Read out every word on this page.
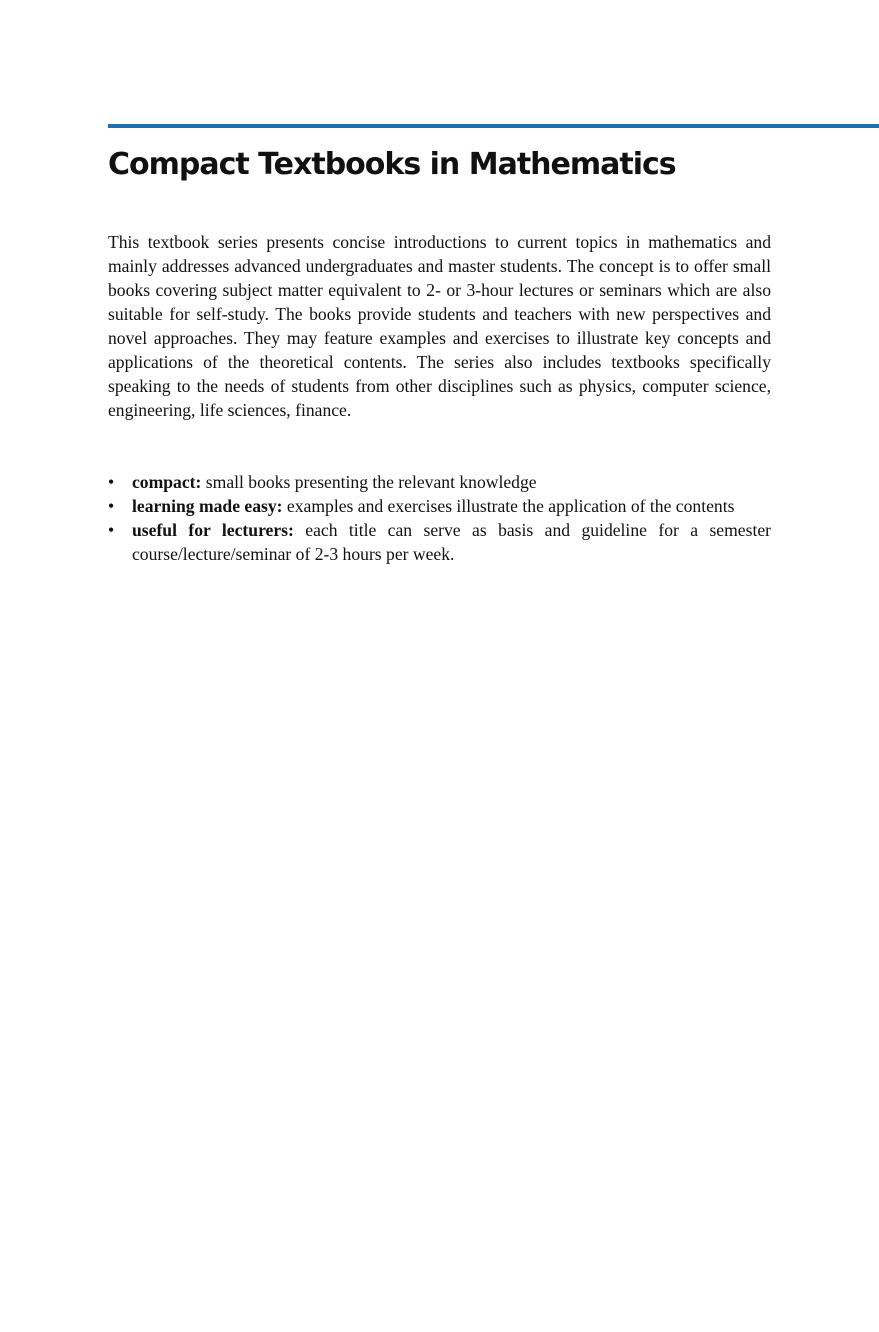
Compact Textbooks in Mathematics

This textbook series presents concise introductions to current topics in mathematics and mainly addresses advanced undergraduates and master students. The concept is to offer small books covering subject matter equivalent to 2- or 3-hour lectures or seminars which are also suitable for self-study. The books provide students and teachers with new perspectives and novel approaches. They may feature examples and exercises to illustrate key concepts and applications of the theoretical contents. The series also includes textbooks specifically speaking to the needs of students from other disciplines such as physics, computer science, engineering, life sciences, finance.

• compact: small books presenting the relevant knowledge
• learning made easy: examples and exercises illustrate the application of the contents
• useful for lecturers: each title can serve as basis and guideline for a semester course/lecture/seminar of 2-3 hours per week.
